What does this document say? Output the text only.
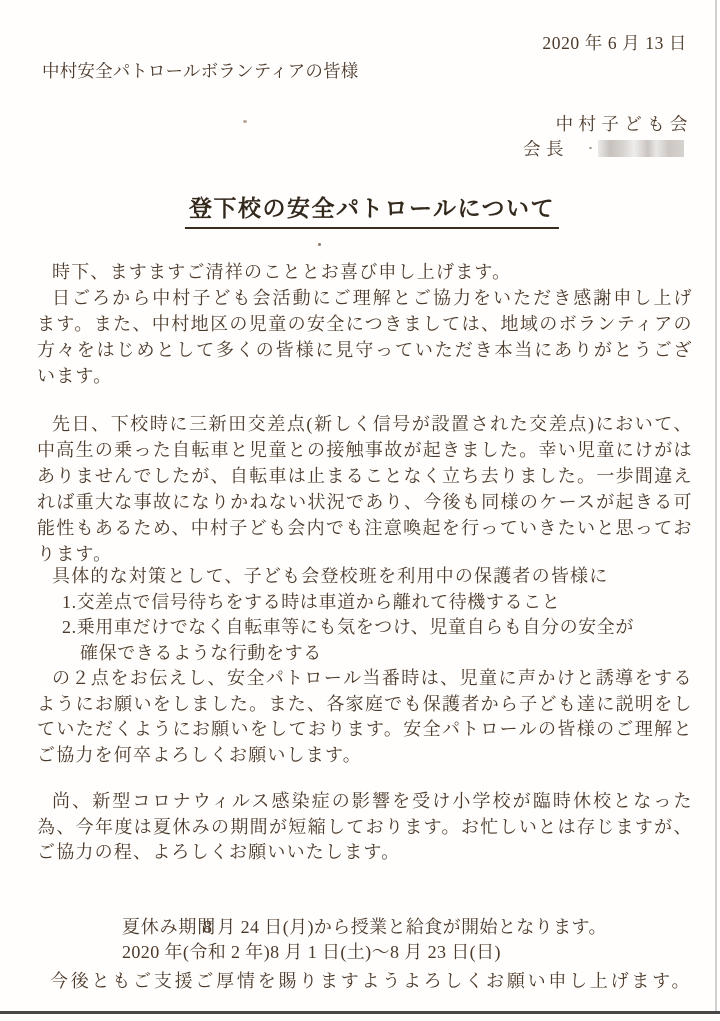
2020 年 6 月 13 日
中村安全パトロールボランティアの皆様
中 村 子 ど も 会
会 長
登下校の安全パトロールについて
時下、ますますご清祥のこととお喜び申し上げます。
日ごろから中村子ども会活動にご理解とご協力をいただき感謝申し上げ
ます。また、中村地区の児童の安全につきましては、地域のボランティアの
方々をはじめとして多くの皆様に見守っていただき本当にありがとうござ
います。
先日、下校時に三新田交差点(新しく信号が設置された交差点)において、
中高生の乗った自転車と児童との接触事故が起きました。幸い児童にけがは
ありませんでしたが、自転車は止まることなく立ち去りました。一歩間違え
れば重大な事故になりかねない状況であり、今後も同様のケースが起きる可
能性もあるため、中村子ども会内でも注意喚起を行っていきたいと思ってお
ります。
具体的な対策として、子ども会登校班を利用中の保護者の皆様に
1.交差点で信号待ちをする時は車道から離れて待機すること
2.乗用車だけでなく自転車等にも気をつけ、児童自らも自分の安全が
確保できるような行動をする
の２点をお伝えし、安全パトロール当番時は、児童に声かけと誘導をする
ようにお願いをしました。また、各家庭でも保護者から子ども達に説明をし
ていただくようにお願いをしております。安全パトロールの皆様のご理解と
ご協力を何卒よろしくお願いします。
尚、新型コロナウィルス感染症の影響を受け小学校が臨時休校となった
為、今年度は夏休みの期間が短縮しております。お忙しいとは存じますが、
ご協力の程、よろしくお願いいたします。

夏休み期間
2020 年(令和 2 年)8 月 1 日(土)～8 月 23 日(日)

8 月 24 日(月)から授業と給食が開始となります。
今後ともご支援ご厚情を賜りますようよろしくお願い申し上げます。
